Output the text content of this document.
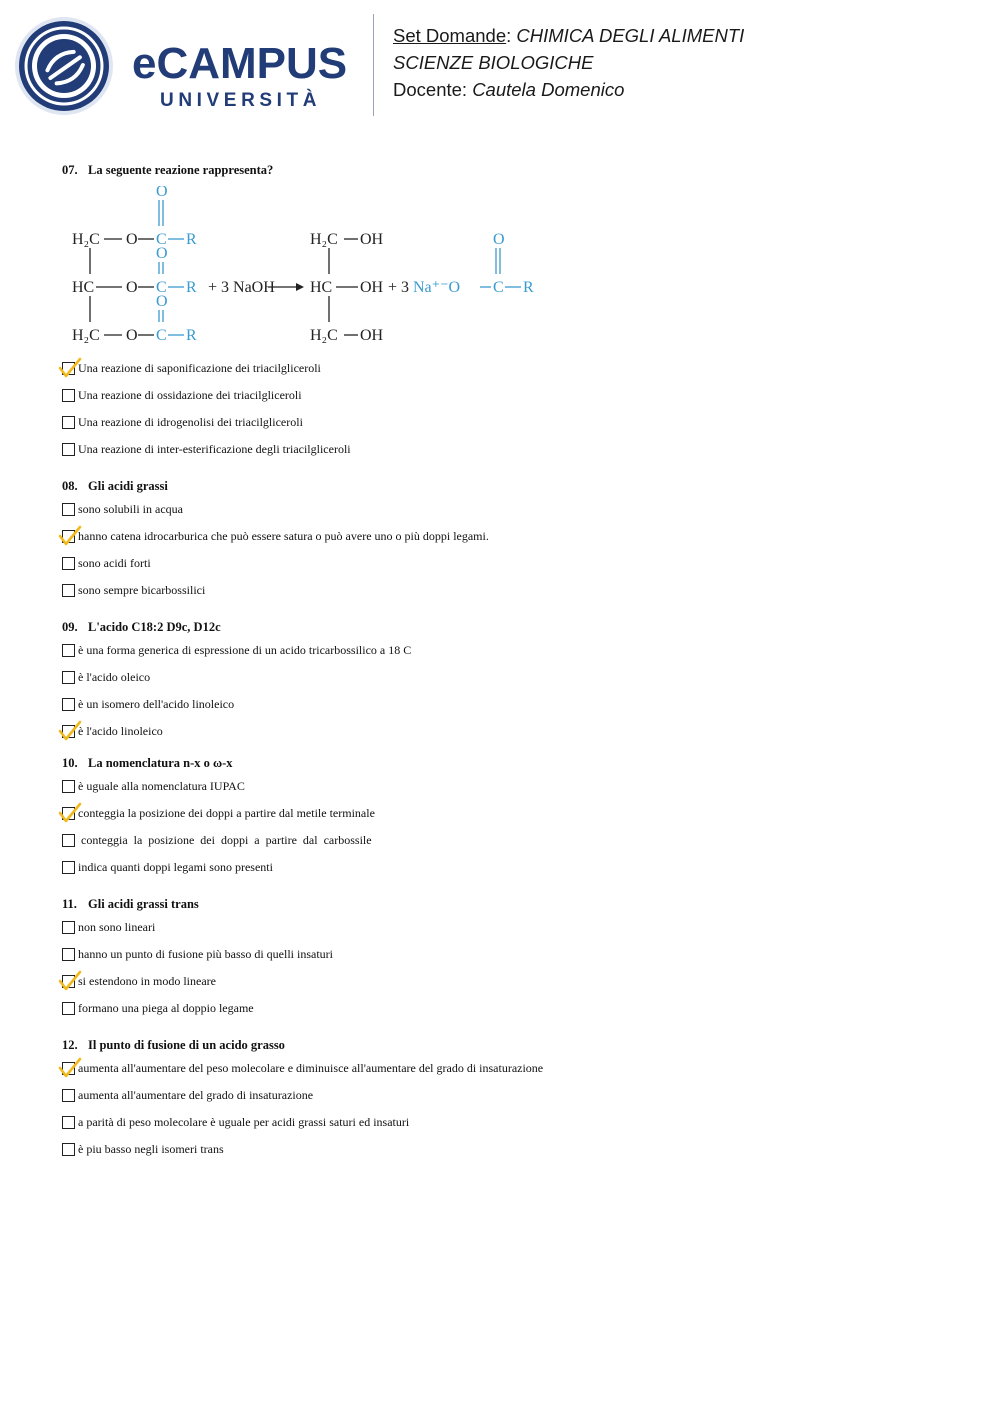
eCAMPUS
UNIVERSITÀ
Set Domande: CHIMICA DEGLI ALIMENTI
SCIENZE BIOLOGICHE
Docente: Cautela Domenico

07. La seguente reazione rappresenta?

H₂C
HC
H₂C
O
O
O
+ 3 NaOH
H₂C
HC
H₂C
OH
OH
OH
+ 3
C
C
C
O
R
R
R
Na⁺⁻O C
O
R
O
O
Una reazione di saponificazione dei triacilgliceroli
Una reazione di ossidazione dei triacilgliceroli
Una reazione di idrogenolisi dei triacilgliceroli
Una reazione di inter-esterificazione degli triacilgliceroli

08. Gli acidi grassi

sono solubili in acqua
hanno catena idrocarburica che può essere satura o può avere uno o più doppi legami.
sono acidi forti
sono sempre bicarbossilici

09. L'acido C18:2 D9c, D12c

è una forma generica di espressione di un acido tricarbossilico a 18 C
è l'acido oleico
è un isomero dell'acido linoleico
è l'acido linoleico

10. La nomenclatura n-x o ω-x

è uguale alla nomenclatura IUPAC
conteggia la posizione dei doppi a partire dal metile terminale
conteggia  la  posizione  dei  doppi  a  partire  dal  carbossile
indica quanti doppi legami sono presenti

11. Gli acidi grassi trans

non sono lineari
hanno un punto di fusione più basso di quelli insaturi
si estendono in modo lineare
formano una piega al doppio legame

12. Il punto di fusione di un acido grasso

aumenta all'aumentare del peso molecolare e diminuisce all'aumentare del grado di insaturazione
aumenta all'aumentare del grado di insaturazione
a parità di peso molecolare è uguale per acidi grassi saturi ed insaturi
è piu basso negli isomeri trans
